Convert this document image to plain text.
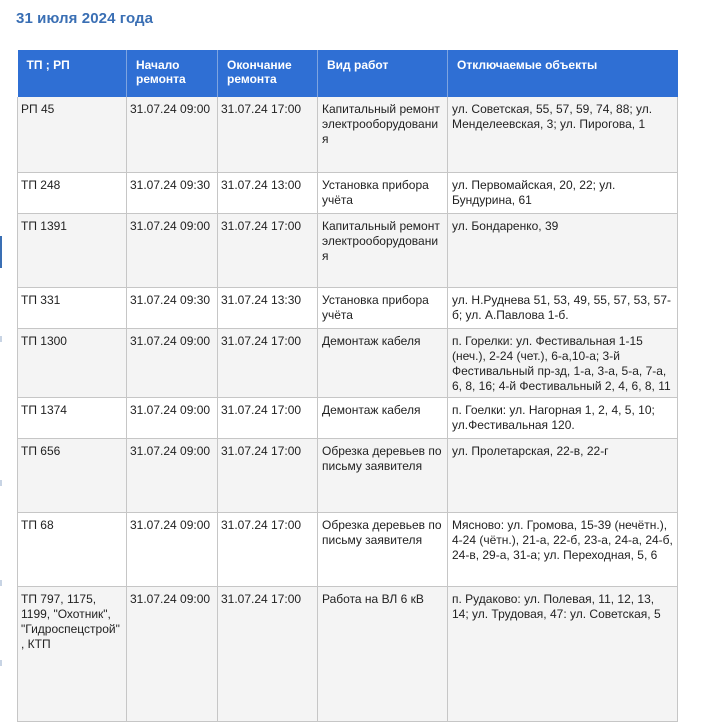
31 июля 2024 года
ТП ; РП	Начало ремонта	Окончание ремонта	Вид работ	Отключаемые объекты
РП 45	31.07.24 09:00	31.07.24 17:00	Капитальный ремонт электрооборудования	ул. Советская, 55, 57, 59, 74, 88; ул. Менделеевская, 3; ул. Пирогова, 1
ТП 248	31.07.24 09:30	31.07.24 13:00	Установка прибора учёта	ул. Первомайская, 20, 22; ул. Бундурина, 61
ТП 1391	31.07.24 09:00	31.07.24 17:00	Капитальный ремонт электрооборудования	ул. Бондаренко, 39
ТП 331	31.07.24 09:30	31.07.24 13:30	Установка прибора учёта	ул. Н.Руднева 51, 53, 49, 55, 57, 53, 57-б; ул. А.Павлова 1-б.
ТП 1300	31.07.24 09:00	31.07.24 17:00	Демонтаж кабеля	п. Горелки: ул. Фестивальная 1-15 (неч.), 2-24 (чет.), 6-а,10-а; 3-й Фестивальный пр-зд, 1-а, 3-а, 5-а, 7-а, 6, 8, 16; 4-й Фестивальный 2, 4, 6, 8, 11
ТП 1374	31.07.24 09:00	31.07.24 17:00	Демонтаж кабеля	п. Гоелки: ул. Нагорная 1, 2, 4, 5, 10; ул.Фестивальная 120.
ТП 656	31.07.24 09:00	31.07.24 17:00	Обрезка деревьев по письму заявителя	ул. Пролетарская, 22-в, 22-г
ТП 68	31.07.24 09:00	31.07.24 17:00	Обрезка деревьев по письму заявителя	Мясново: ул. Громова, 15-39 (нечётн.), 4-24 (чётн.), 21-а, 22-б, 23-а, 24-а, 24-б, 24-в, 29-а, 31-а; ул. Переходная, 5, 6
ТП 797, 1175, 1199, "Охотник", "Гидроспецстрой", КТП	31.07.24 09:00	31.07.24 17:00	Работа на ВЛ 6 кВ	п. Рудаково: ул. Полевая, 11, 12, 13, 14; ул. Трудовая, 47: ул. Советская, 5
